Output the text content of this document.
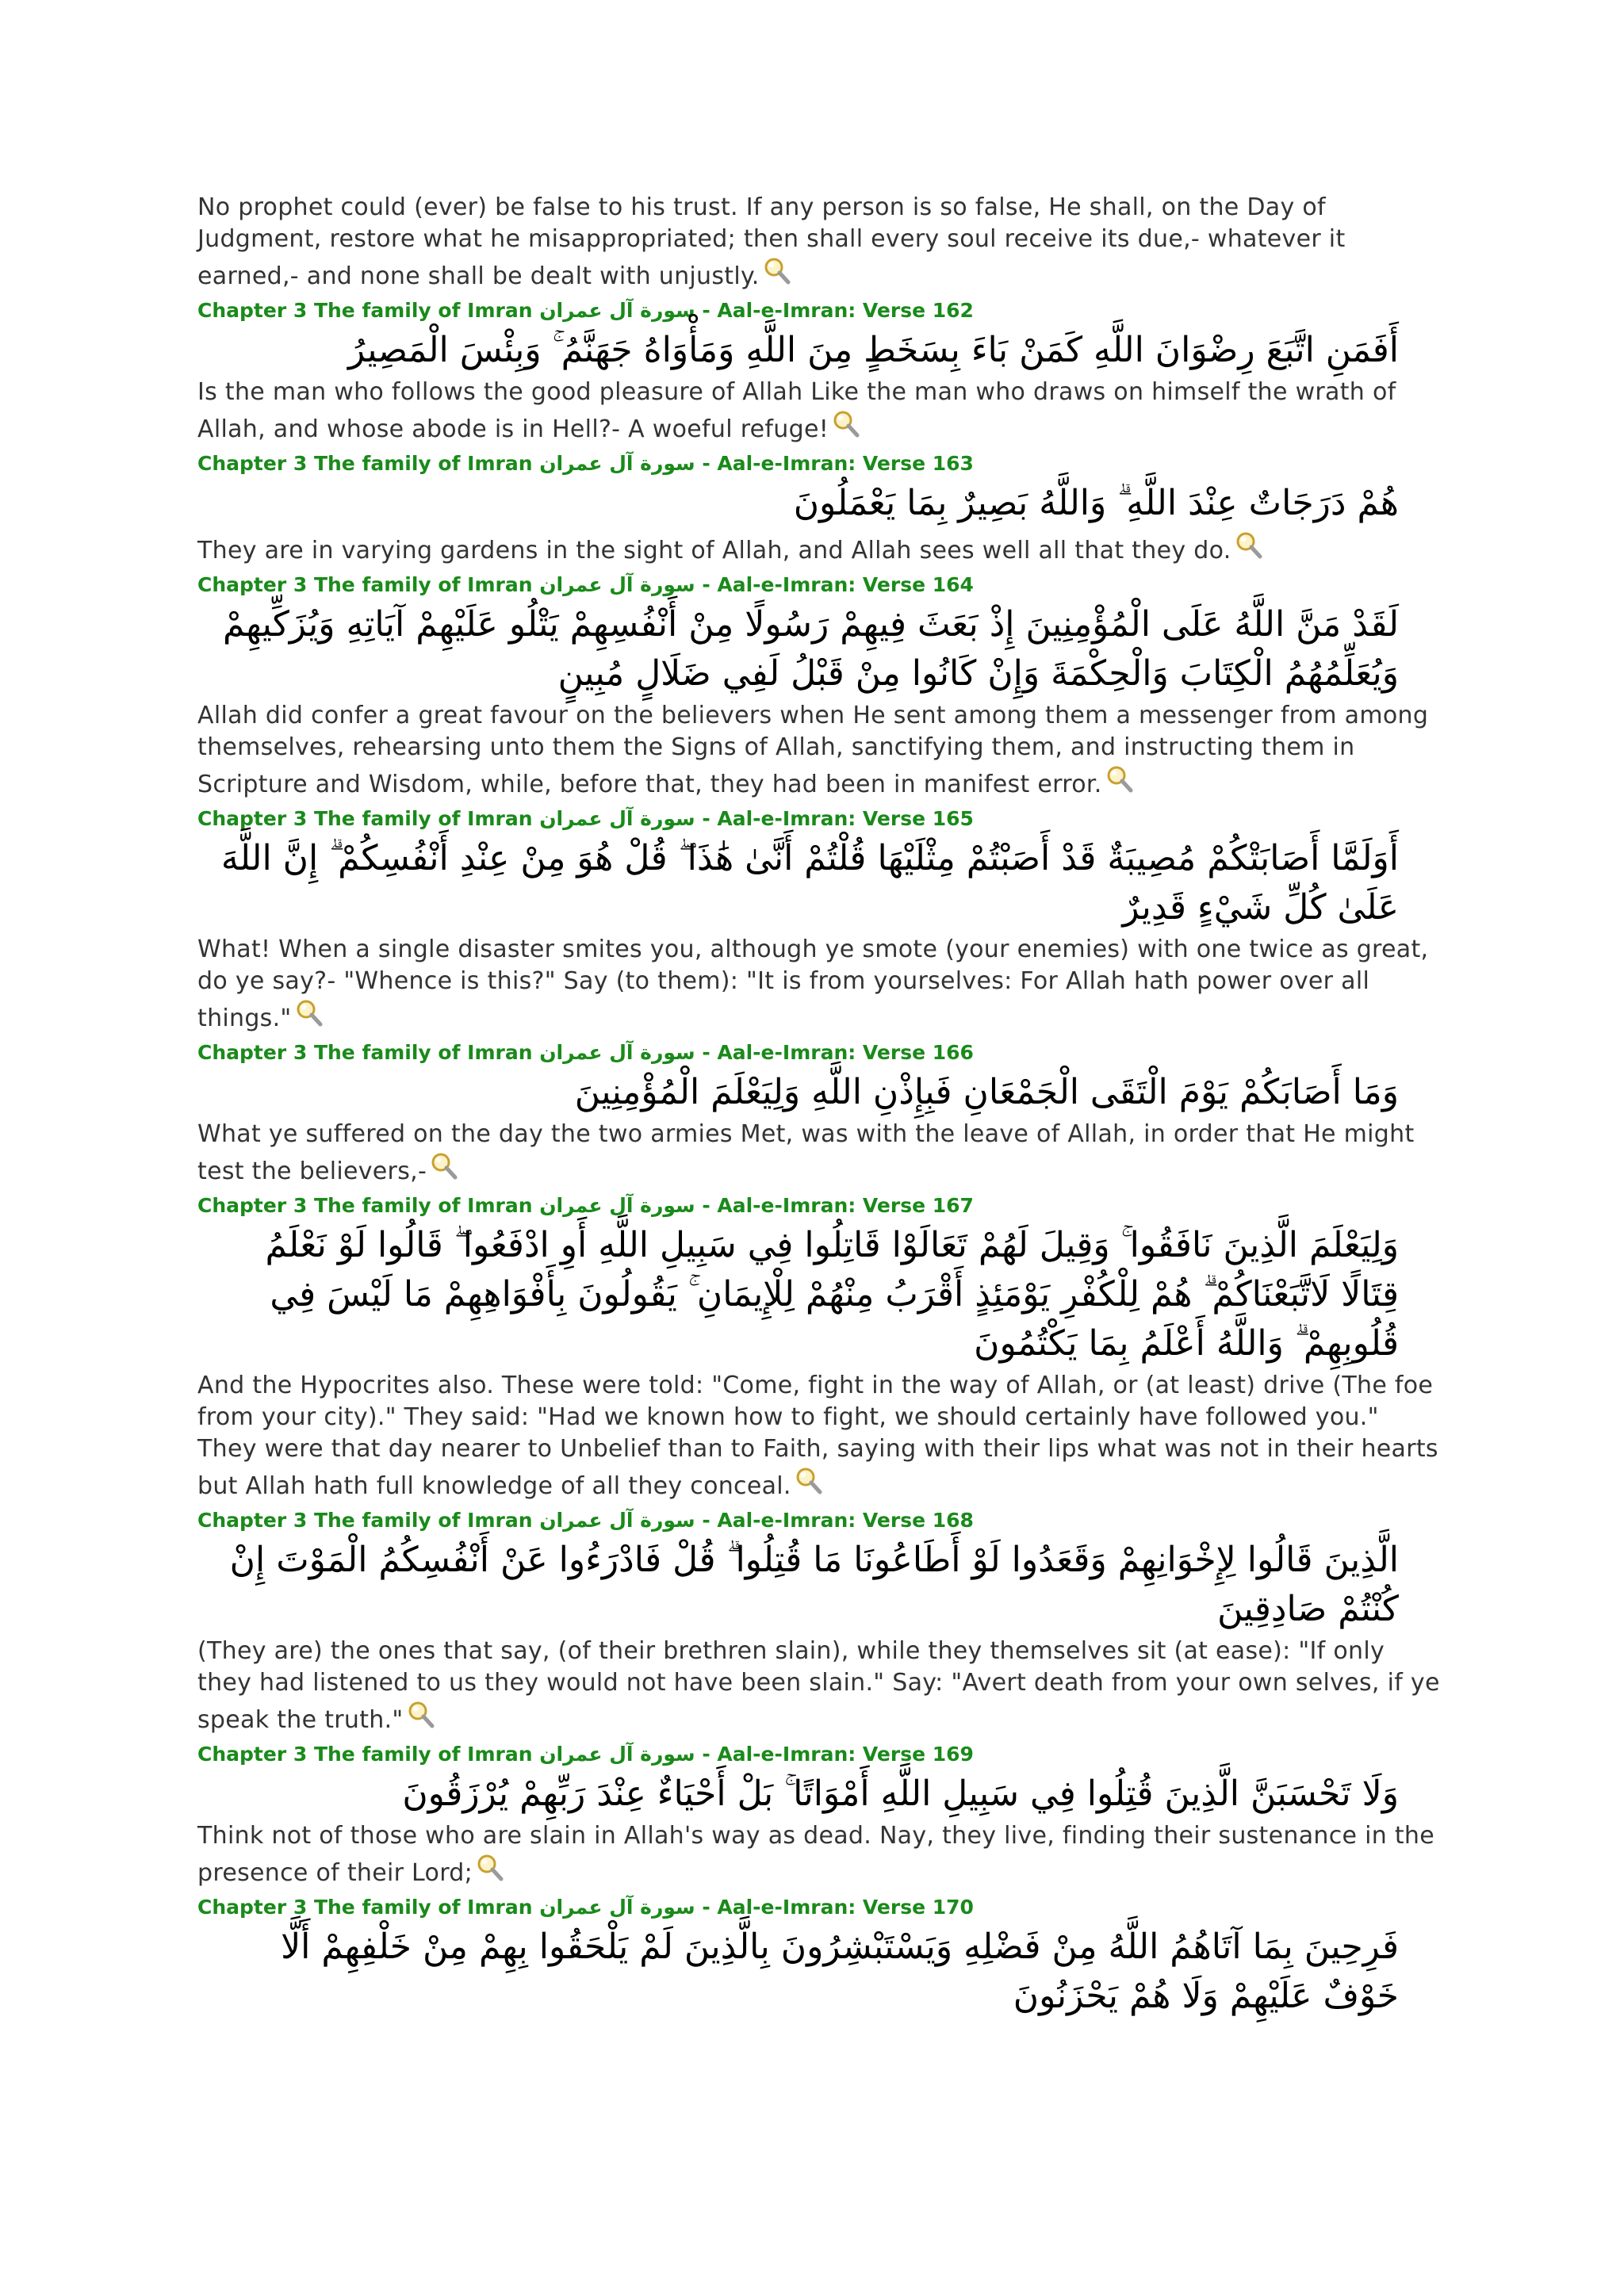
No prophet could (ever) be false to his trust. If any person is so false, He shall, on the Day of Judgment, restore what he misappropriated; then shall every soul receive its due,- whatever it earned,- and none shall be dealt with unjustly.

Chapter 3 The family of Imran سورة آل عمران - Aal-e-Imran: Verse 162
أَفَمَنِ اتَّبَعَ رِضْوَانَ اللَّهِ كَمَنْ بَاءَ بِسَخَطٍ مِنَ اللَّهِ وَمَأْوَاهُ جَهَنَّمُ ۚ وَبِئْسَ الْمَصِيرُ

Is the man who follows the good pleasure of Allah Like the man who draws on himself the wrath of Allah, and whose abode is in Hell?- A woeful refuge!

Chapter 3 The family of Imran سورة آل عمران - Aal-e-Imran: Verse 163
هُمْ دَرَجَاتٌ عِنْدَ اللَّهِ ۗ وَاللَّهُ بَصِيرٌ بِمَا يَعْمَلُونَ

They are in varying gardens in the sight of Allah, and Allah sees well all that they do.

Chapter 3 The family of Imran سورة آل عمران - Aal-e-Imran: Verse 164
لَقَدْ مَنَّ اللَّهُ عَلَى الْمُؤْمِنِينَ إِذْ بَعَثَ فِيهِمْ رَسُولًا مِنْ أَنْفُسِهِمْ يَتْلُو عَلَيْهِمْ آيَاتِهِ وَيُزَكِّيهِمْ وَيُعَلِّمُهُمُ الْكِتَابَ وَالْحِكْمَةَ وَإِنْ كَانُوا مِنْ قَبْلُ لَفِي ضَلَالٍ مُبِينٍ

Allah did confer a great favour on the believers when He sent among them a messenger from among themselves, rehearsing unto them the Signs of Allah, sanctifying them, and instructing them in Scripture and Wisdom, while, before that, they had been in manifest error.

Chapter 3 The family of Imran سورة آل عمران - Aal-e-Imran: Verse 165
أَوَلَمَّا أَصَابَتْكُمْ مُصِيبَةٌ قَدْ أَصَبْتُمْ مِثْلَيْهَا قُلْتُمْ أَنَّىٰ هَٰذَا ۖ قُلْ هُوَ مِنْ عِنْدِ أَنْفُسِكُمْ ۗ إِنَّ اللَّهَ عَلَىٰ كُلِّ شَيْءٍ قَدِيرٌ

What! When a single disaster smites you, although ye smote (your enemies) with one twice as great, do ye say?- "Whence is this?" Say (to them): "It is from yourselves: For Allah hath power over all things."

Chapter 3 The family of Imran سورة آل عمران - Aal-e-Imran: Verse 166
وَمَا أَصَابَكُمْ يَوْمَ الْتَقَى الْجَمْعَانِ فَبِإِذْنِ اللَّهِ وَلِيَعْلَمَ الْمُؤْمِنِينَ

What ye suffered on the day the two armies Met, was with the leave of Allah, in order that He might test the believers,-

Chapter 3 The family of Imran سورة آل عمران - Aal-e-Imran: Verse 167
وَلِيَعْلَمَ الَّذِينَ نَافَقُوا ۚ وَقِيلَ لَهُمْ تَعَالَوْا قَاتِلُوا فِي سَبِيلِ اللَّهِ أَوِ ادْفَعُوا ۖ قَالُوا لَوْ نَعْلَمُ قِتَالًا لَاتَّبَعْنَاكُمْ ۗ هُمْ لِلْكُفْرِ يَوْمَئِذٍ أَقْرَبُ مِنْهُمْ لِلْإِيمَانِ ۚ يَقُولُونَ بِأَفْوَاهِهِمْ مَا لَيْسَ فِي قُلُوبِهِمْ ۗ وَاللَّهُ أَعْلَمُ بِمَا يَكْتُمُونَ

And the Hypocrites also. These were told: "Come, fight in the way of Allah, or (at least) drive (The foe from your city)." They said: "Had we known how to fight, we should certainly have followed you." They were that day nearer to Unbelief than to Faith, saying with their lips what was not in their hearts but Allah hath full knowledge of all they conceal.

Chapter 3 The family of Imran سورة آل عمران - Aal-e-Imran: Verse 168
الَّذِينَ قَالُوا لِإِخْوَانِهِمْ وَقَعَدُوا لَوْ أَطَاعُونَا مَا قُتِلُوا ۗ قُلْ فَادْرَءُوا عَنْ أَنْفُسِكُمُ الْمَوْتَ إِنْ كُنْتُمْ صَادِقِينَ

(They are) the ones that say, (of their brethren slain), while they themselves sit (at ease): "If only they had listened to us they would not have been slain." Say: "Avert death from your own selves, if ye speak the truth."

Chapter 3 The family of Imran سورة آل عمران - Aal-e-Imran: Verse 169
وَلَا تَحْسَبَنَّ الَّذِينَ قُتِلُوا فِي سَبِيلِ اللَّهِ أَمْوَاتًا ۚ بَلْ أَحْيَاءٌ عِنْدَ رَبِّهِمْ يُرْزَقُونَ

Think not of those who are slain in Allah's way as dead. Nay, they live, finding their sustenance in the presence of their Lord;

Chapter 3 The family of Imran سورة آل عمران - Aal-e-Imran: Verse 170
فَرِحِينَ بِمَا آتَاهُمُ اللَّهُ مِنْ فَضْلِهِ وَيَسْتَبْشِرُونَ بِالَّذِينَ لَمْ يَلْحَقُوا بِهِمْ مِنْ خَلْفِهِمْ أَلَّا خَوْفٌ عَلَيْهِمْ وَلَا هُمْ يَحْزَنُونَ
